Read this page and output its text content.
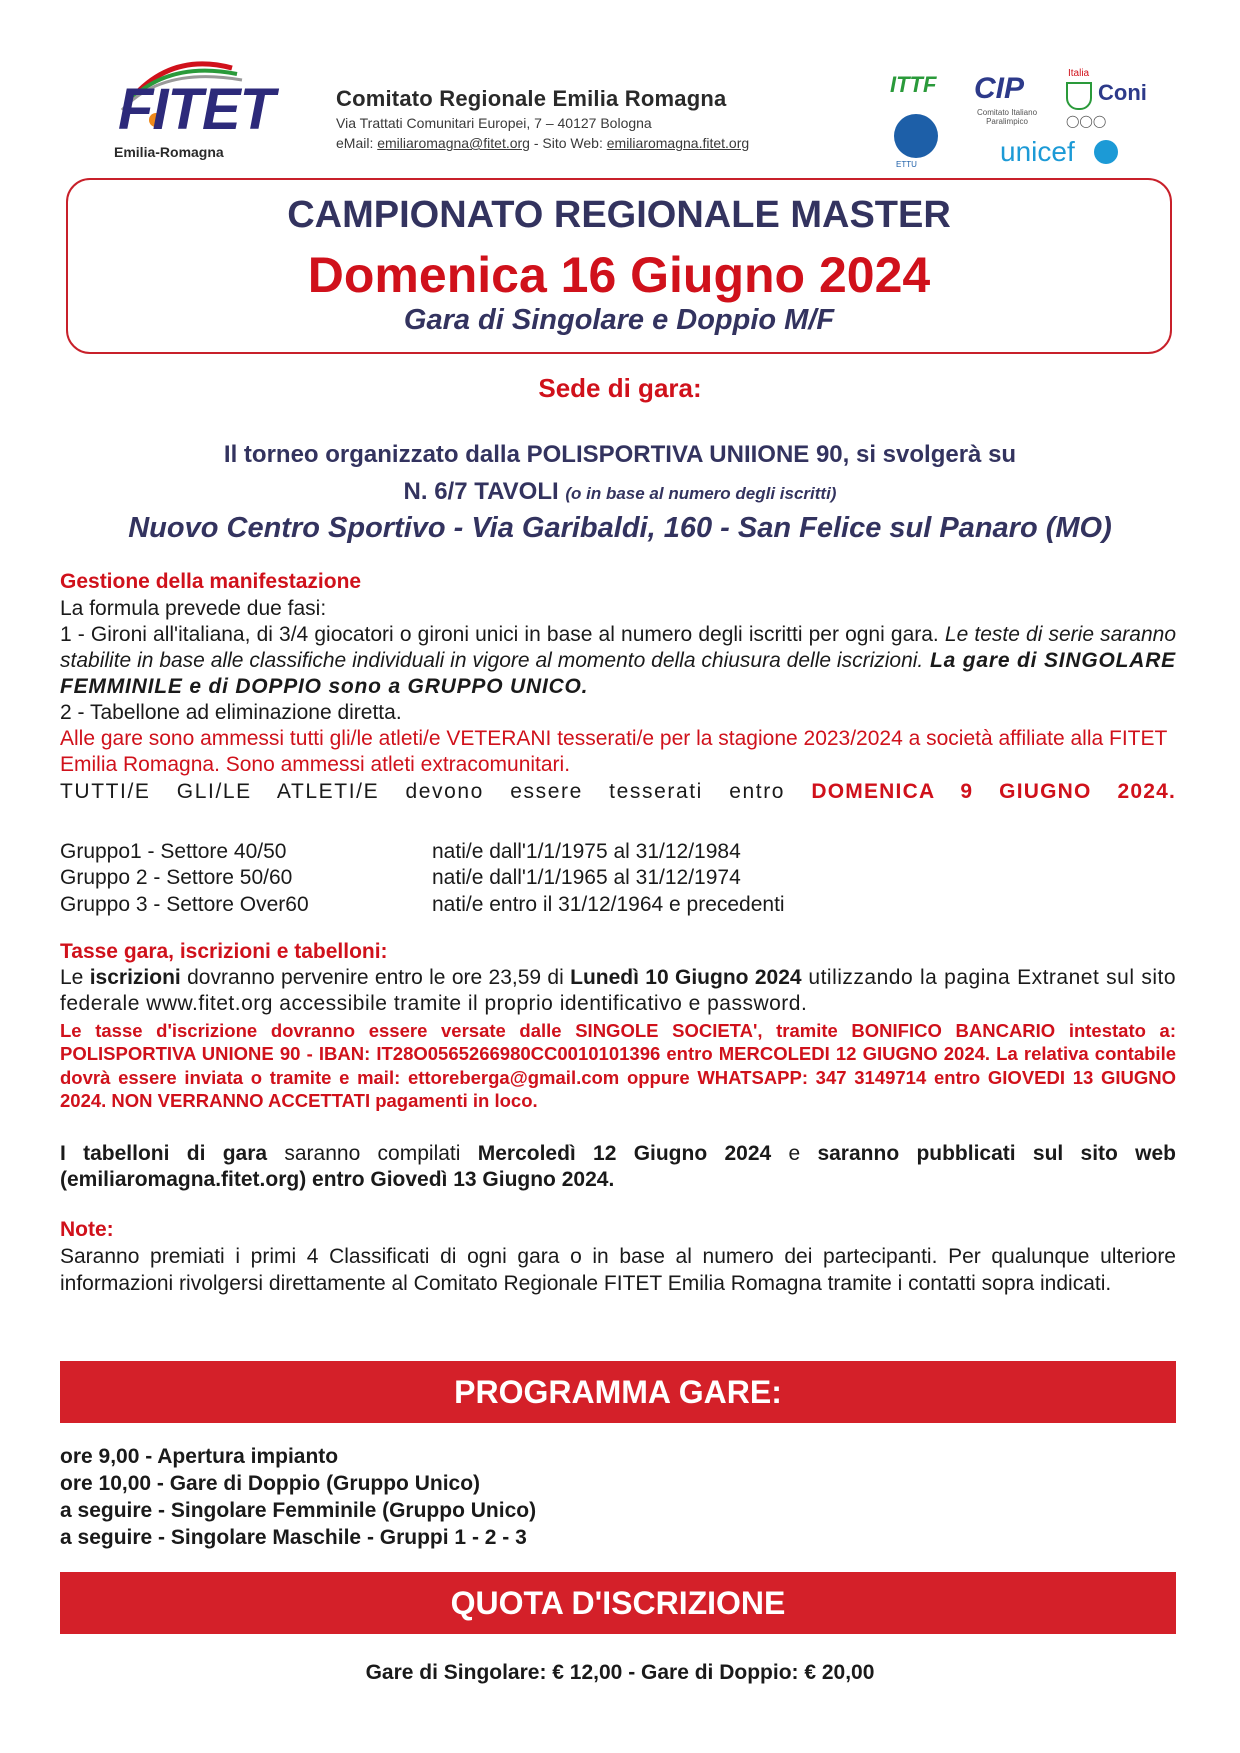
FITET
Emilia-Romagna
Comitato Regionale Emilia Romagna
Via Trattati Comunitari Europei, 7 – 40127 Bologna
eMail: emiliaromagna@fitet.org - Sito Web: emiliaromagna.fitet.org
ITTF
ETTU
CIP
Comitato Italiano Paralimpico
Italia
Coni
◯◯◯
unicef
CAMPIONATO REGIONALE MASTER
Domenica 16 Giugno 2024
Gara di Singolare e Doppio M/F
Sede di gara:
Il torneo organizzato dalla POLISPORTIVA UNIIONE 90, si svolgerà su
N. 6/7 TAVOLI (o in base al numero degli iscritti)
Nuovo Centro Sportivo - Via Garibaldi, 160 - San Felice sul Panaro (MO)
Gestione della manifestazione
La formula prevede due fasi:
1 - Gironi all'italiana, di 3/4 giocatori o gironi unici in base al numero degli iscritti per ogni gara. Le teste di serie saranno stabilite in base alle classifiche individuali in vigore al momento della chiusura delle iscrizioni. La gare di SINGOLARE FEMMINILE e di DOPPIO sono a GRUPPO UNICO.
2 - Tabellone ad eliminazione diretta.
Alle gare sono ammessi tutti gli/le atleti/e VETERANI tesserati/e per la stagione 2023/2024 a società affiliate alla FITET Emilia Romagna. Sono ammessi atleti extracomunitari.
TUTTI/E GLI/LE ATLETI/E devono essere tesserati entro DOMENICA 9 GIUGNO 2024.
Gruppo1 - Settore 40/50	nati/e dall'1/1/1975 al 31/12/1984
Gruppo 2 - Settore 50/60	nati/e dall'1/1/1965 al 31/12/1974
Gruppo 3 - Settore Over60	nati/e entro il 31/12/1964 e precedenti
Tasse gara, iscrizioni e tabelloni:
Le iscrizioni dovranno pervenire entro le ore 23,59 di Lunedì 10 Giugno 2024 utilizzando la pagina Extranet sul sito federale www.fitet.org accessibile tramite il proprio identificativo e password.
Le tasse d'iscrizione dovranno essere versate dalle SINGOLE SOCIETA', tramite BONIFICO BANCARIO intestato a: POLISPORTIVA UNIONE 90 - IBAN: IT28O0565266980CC0010101396 entro MERCOLEDI 12 GIUGNO 2024. La relativa contabile dovrà essere inviata o tramite e mail: ettoreberga@gmail.com oppure WHATSAPP: 347 3149714 entro GIOVEDI 13 GIUGNO 2024. NON VERRANNO ACCETTATI pagamenti in loco.
I tabelloni di gara saranno compilati Mercoledì 12 Giugno 2024 e saranno pubblicati sul sito web (emiliaromagna.fitet.org) entro Giovedì 13 Giugno 2024.
Note:
Saranno premiati i primi 4 Classificati di ogni gara o in base al numero dei partecipanti. Per qualunque ulteriore informazioni rivolgersi direttamente al Comitato Regionale FITET Emilia Romagna tramite i contatti sopra indicati.
PROGRAMMA GARE:
ore 9,00 - Apertura impianto
ore 10,00 - Gare di Doppio (Gruppo Unico)
a seguire - Singolare Femminile (Gruppo Unico)
a seguire - Singolare Maschile - Gruppi 1 - 2 - 3
QUOTA D'ISCRIZIONE
Gare di Singolare: € 12,00 - Gare di Doppio: € 20,00
